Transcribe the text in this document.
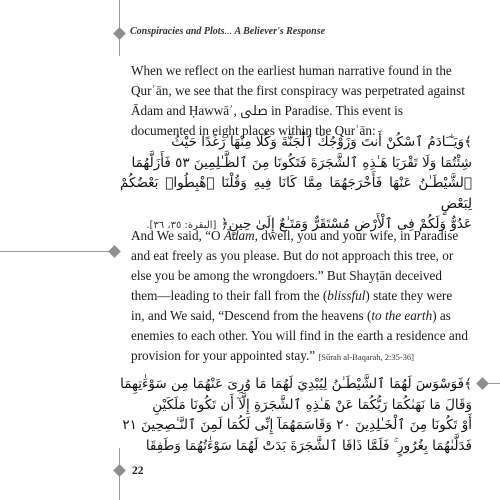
Conspiracies and Plots... A Believer's Response
When we reflect on the earliest human narrative found in the Qurʾān, we see that the first conspiracy was perpetrated against Ādam and Ḥawwāʾ, ﷹ in Paradise. This event is documented in eight places within the Qurʾān:
﴾وَيَـٰٓـَادَمُ ٱسْكُنْ أَنتَ وَزَوْجُكَ ٱلْجَنَّةَ وَكُلَا مِنْهَا رَغَدًا حَيْثُ
شِئْتُمَا وَلَا تَقْرَبَا هَـٰذِهِ ٱلشَّجَرَةَ فَتَكُونَا مِنَ ٱلظَّـٰلِمِينَ ٥٣ فَأَزَلَّهُمَا
ٱلشَّيْطَـٰنُ عَنْهَا فَأَخْرَجَهُمَا مِمَّا كَانَا فِيهِ وَقُلْنَا ٱهْبِطُوا۟ بَعْضُكُمْ لِبَعْضٍ
عَدُوٌّ وَلَكُمْ فِى ٱلْأَرْضِ مُسْتَقَرٌّ وَمَتَـٰعٌ إِلَىٰ حِينٍ﴿ [البقرة: ٣٥، ٣٦].
And We said, “O Ādam, dwell, you and your wife, in Paradise and eat freely as you please. But do not approach this tree, or else you be among the wrongdoers.” But Shayṭān deceived them—leading to their fall from the (blissful) state they were in, and We said, “Descend from the heavens (to the earth) as enemies to each other. You will find in the earth a residence and provision for your appointed stay.” [Sūrah al-Baqarah, 2:35-36]
﴾فَوَسْوَسَ لَهُمَا ٱلشَّيْطَـٰنُ لِيُبْدِيَ لَهُمَا مَا وُرِىَ عَنْهُمَا مِن سَوْءَٰتِهِمَا
وَقَالَ مَا نَهَىٰكُمَا رَبُّكُمَا عَنْ هَـٰذِهِ ٱلشَّجَرَةِ إِلَّآ أَن تَكُونَا مَلَكَيْنِ
أَوْ تَكُونَا مِنَ ٱلْخَـٰلِدِينَ ٢٠ وَقَاسَمَهُمَآ إِنِّى لَكُمَا لَمِنَ ٱلنَّـٰصِحِينَ ٢١
فَدَلَّىٰهُمَا بِغُرُورٍ ۚ فَلَمَّا ذَاقَا ٱلشَّجَرَةَ بَدَتْ لَهُمَا سَوْءَٰتُهُمَا وَطَفِقَا
22
